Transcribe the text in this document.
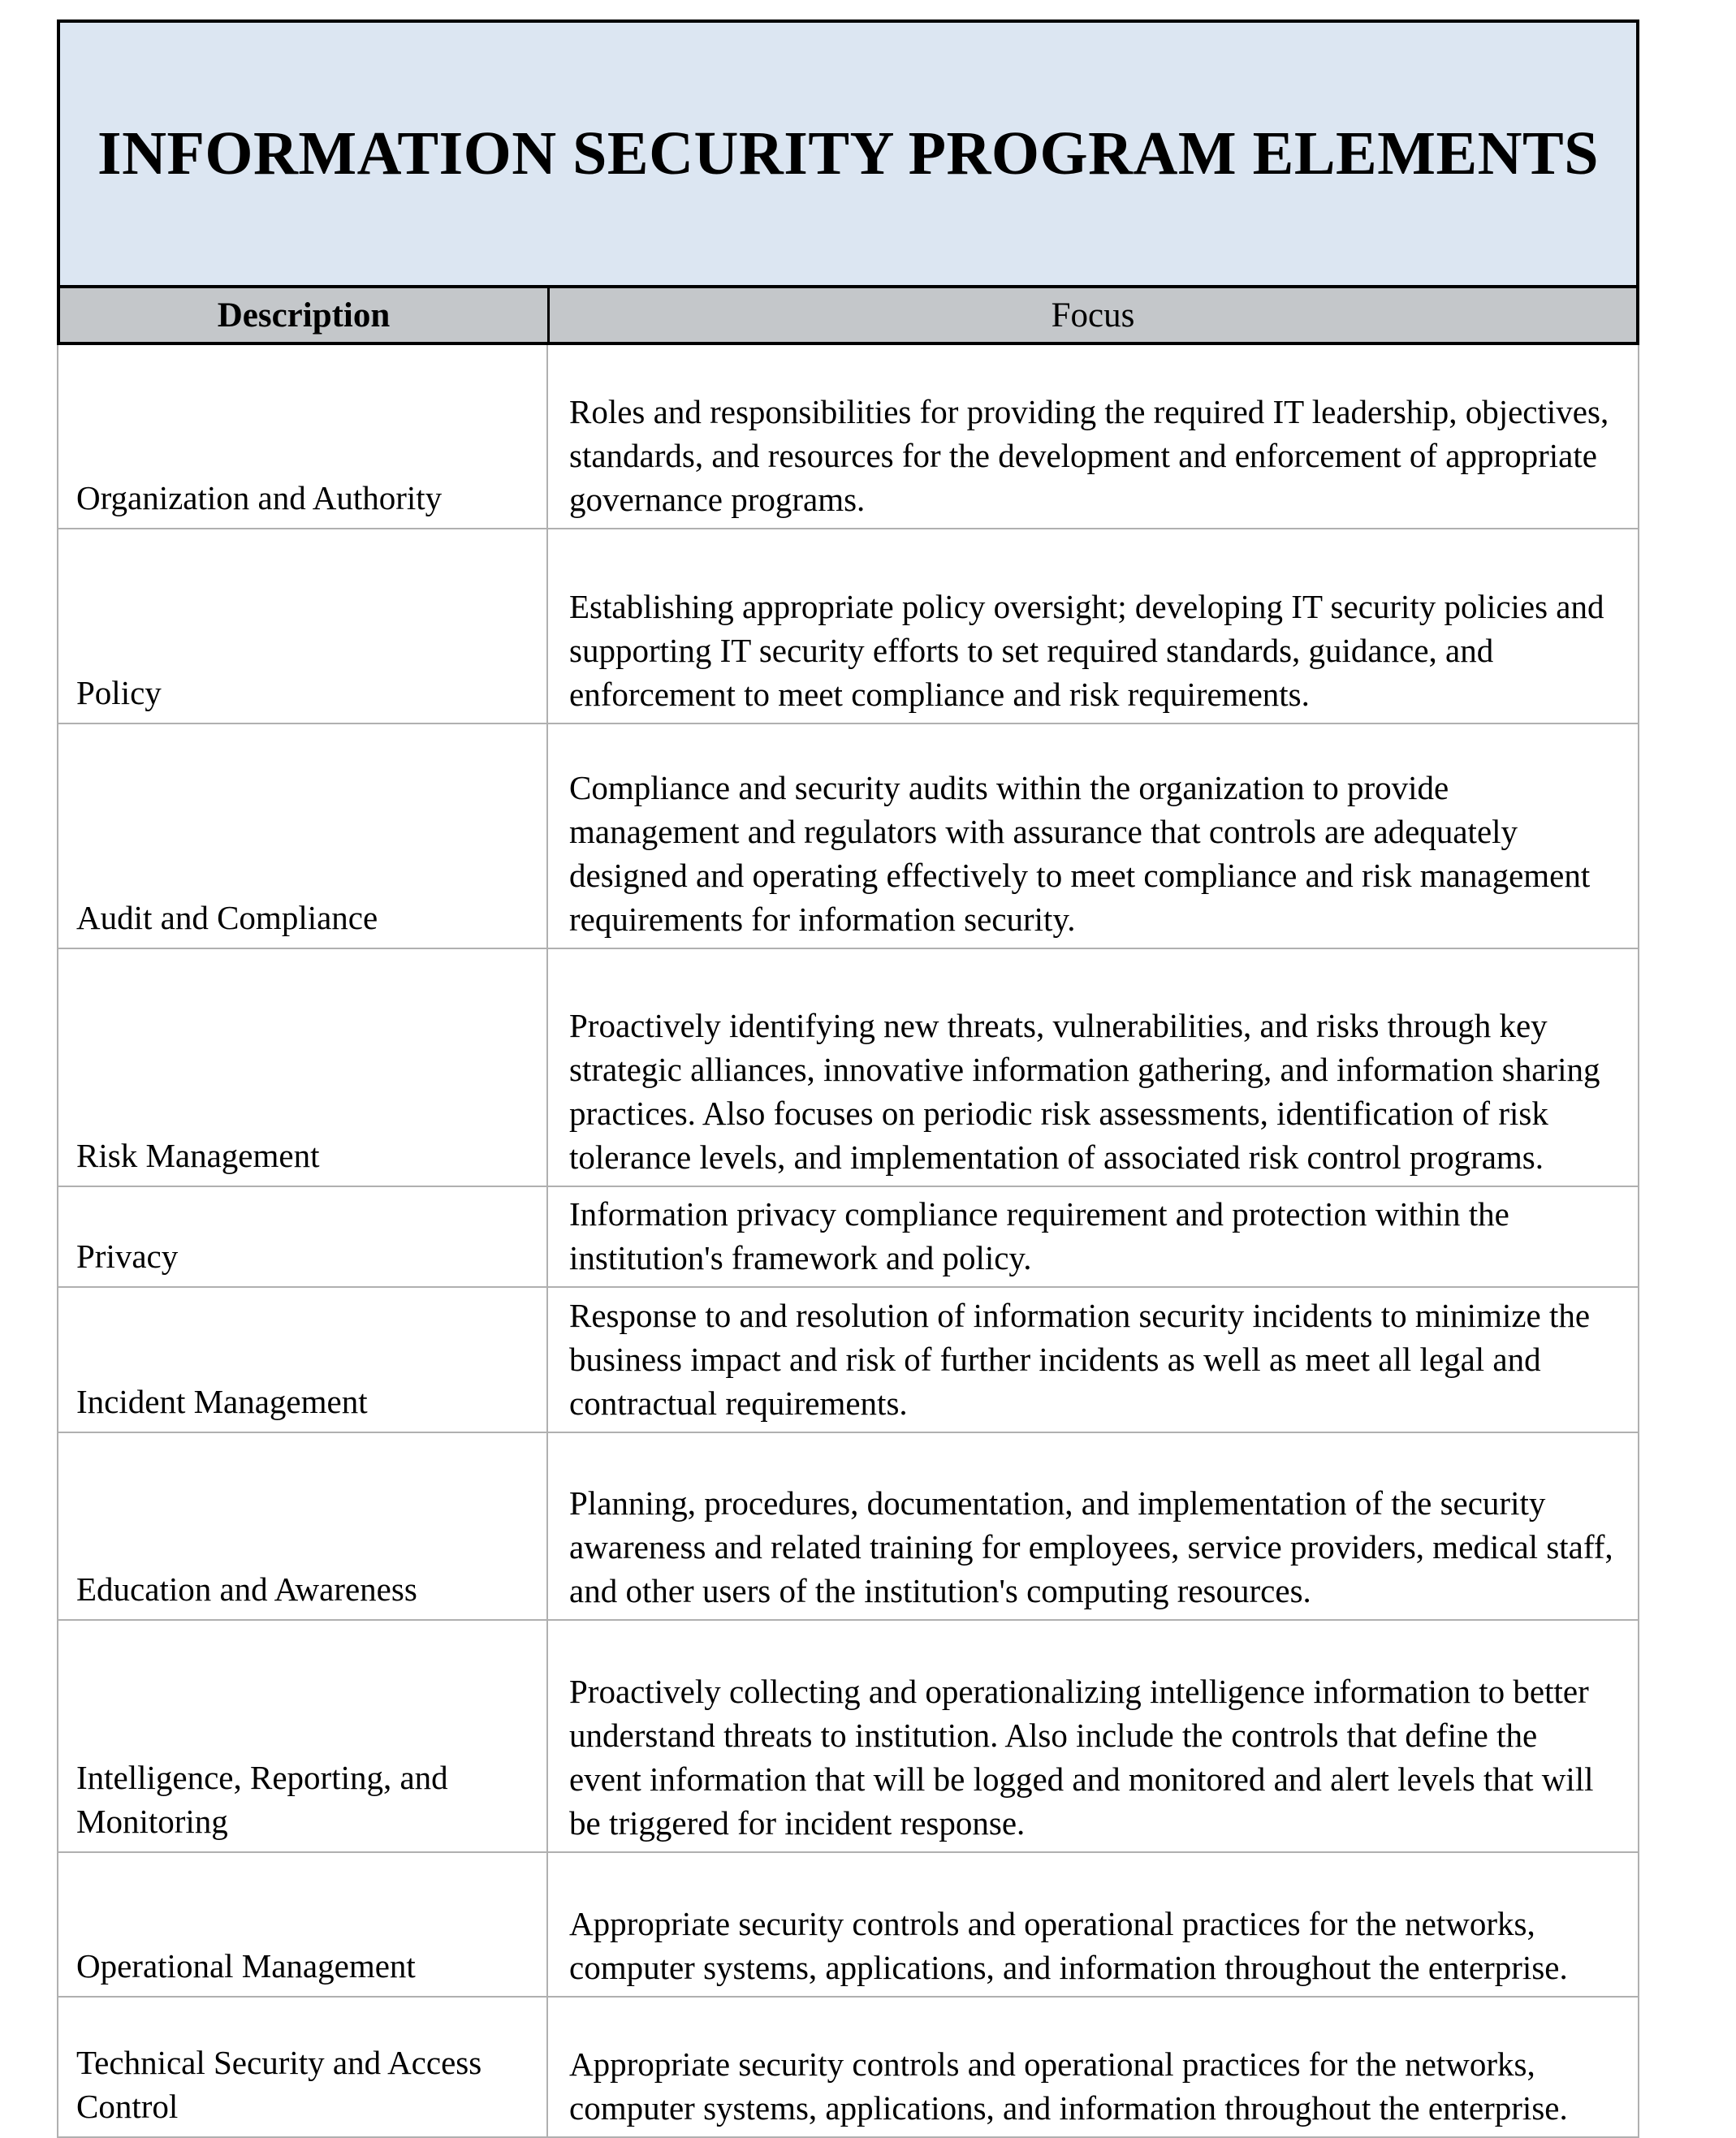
INFORMATION SECURITY PROGRAM ELEMENTS
Description	Focus
Organization and Authority
Roles and responsibilities for providing the required IT leadership, objectives, standards, and resources for the development and enforcement of appropriate governance programs.
Policy
Establishing appropriate policy oversight; developing IT security policies and supporting IT security efforts to set required standards, guidance, and enforcement to meet compliance and risk requirements.
Audit and Compliance
Compliance and security audits within the organization to provide management and regulators with assurance that controls are adequately designed and operating effectively to meet compliance and risk management requirements for information security.
Risk Management
Proactively identifying new threats, vulnerabilities, and risks through key strategic alliances, innovative information gathering, and information sharing practices. Also focuses on periodic risk assessments, identification of risk tolerance levels, and implementation of associated risk control programs.
Privacy
Information privacy compliance requirement and protection within the institution's framework and policy.
Incident Management
Response to and resolution of information security incidents to minimize the business impact and risk of further incidents as well as meet all legal and contractual requirements.
Education and Awareness
Planning, procedures, documentation, and implementation of the security awareness and related training for employees, service providers, medical staff, and other users of the institution's computing resources.
Intelligence, Reporting, and Monitoring
Proactively collecting and operationalizing intelligence information to better understand threats to institution. Also include the controls that define the event information that will be logged and monitored and alert levels that will be triggered for incident response.
Operational Management
Appropriate security controls and operational practices for the networks, computer systems, applications, and information throughout the enterprise.
Technical Security and Access Control
Appropriate security controls and operational practices for the networks, computer systems, applications, and information throughout the enterprise.
